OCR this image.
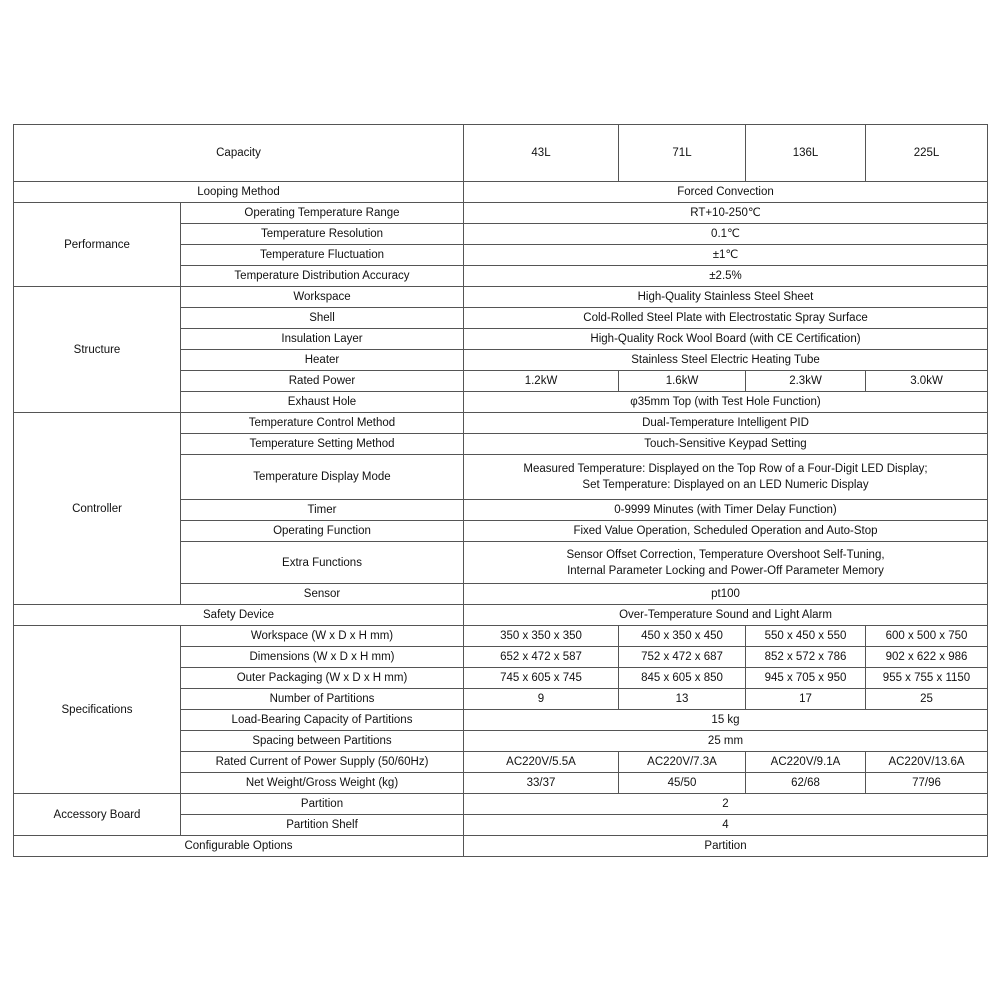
Capacity		43L	71L	136L	225L
Looping Method		Forced Convection			
Performance	Operating Temperature Range	RT+10-250℃			
	Temperature Resolution	0.1℃			
	Temperature Fluctuation	±1℃			
	Temperature Distribution Accuracy	±2.5%			
Structure	Workspace	High-Quality Stainless Steel Sheet			
	Shell	Cold-Rolled Steel Plate with Electrostatic Spray Surface			
	Insulation Layer	High-Quality Rock Wool Board (with CE Certification)			
	Heater	Stainless Steel Electric Heating Tube			
	Rated Power	1.2kW	1.6kW	2.3kW	3.0kW
	Exhaust Hole	φ35mm Top (with Test Hole Function)			
Controller	Temperature Control Method	Dual-Temperature Intelligent PID			
	Temperature Setting Method	Touch-Sensitive Keypad Setting			
	Temperature Display Mode	Measured Temperature: Displayed on the Top Row of a Four-Digit LED Display;
Set Temperature: Displayed on an LED Numeric Display			

	Timer	0-9999 Minutes (with Timer Delay Function)			
	Operating Function	Fixed Value Operation, Scheduled Operation and Auto-Stop			
	Extra Functions	Sensor Offset Correction, Temperature Overshoot Self-Tuning,
Internal Parameter Locking and Power-Off Parameter Memory			

	Sensor	pt100			
Safety Device		Over-Temperature Sound and Light Alarm			
Specifications	Workspace (W x D x H mm)	350 x 350 x 350	450 x 350 x 450	550 x 450 x 550	600 x 500 x 750
	Dimensions (W x D x H mm)	652 x 472 x 587	752 x 472 x 687	852 x 572 x 786	902 x 622 x 986
	Outer Packaging (W x D x H mm)	745 x 605 x 745	845 x 605 x 850	945 x 705 x 950	955 x 755 x 1150
	Number of Partitions	9	13	17	25
	Load-Bearing Capacity of Partitions	15 kg			
	Spacing between Partitions	25 mm			
	Rated Current of Power Supply (50/60Hz)	AC220V/5.5A	AC220V/7.3A	AC220V/9.1A	AC220V/13.6A
	Net Weight/Gross Weight (kg)	33/37	45/50	62/68	77/96
Accessory Board	Partition	2			
	Partition Shelf	4			
Configurable Options		Partition			
